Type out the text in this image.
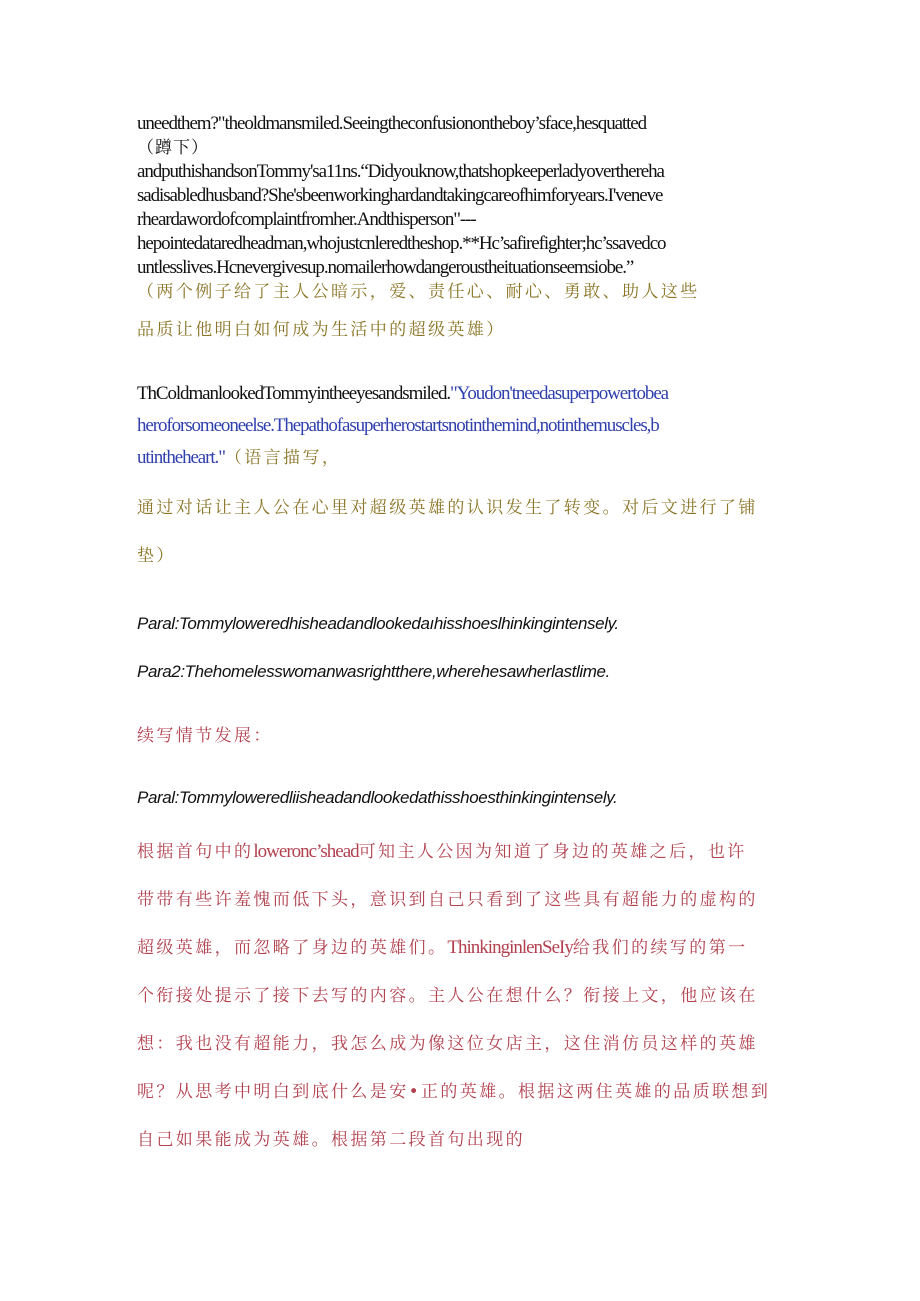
uneedthem?"theoldmansmiled.Seeingtheconfusionontheboy’sface,hesquatted

（蹲下）

andputhishandsonTommy'sa11ns.“Didyouknow,thatshopkeeperladyoverthereha

sadisabledhusband?She'sbeenworkinghardandtakingcareofhimforyears.I'veneve

rheardawordofcomplaintfromher.Andthisperson"---

hepointedataredheadman,whojustcnleredtheshop.**Hc’safirefighter;hc’ssavedco

untlesslives.Hcnevergivesup.nomailerhowdangeroustheituationseemsiobe.”

（两个例子给了主人公暗示，爱、责任心、耐心、勇敢、助人这些

品质让他明白如何成为生活中的超级英雄）

ThColdmanlookedTommyintheeyesandsmiled."Youdon'tneedasuperpowertobea

heroforsomeoneelse.Thepathofasuperherostartsnotinthemind,notinthemuscles,b

utintheheart."（语言描写，

通过对话让主人公在心里对超级英雄的认识发生了转变。对后文进行了铺

垫）

Paral:Tommyloweredhisheadandlookedaıhisshoeslhinkingintensely.

Para2:Thehomelesswomanwasrightthere,wherehesawherlastlime.

续写情节发展：

Paral:Tommyloweredliisheadandlookedathisshoesthinkingintensely.

根据首句中的loweronc’shead可知主人公因为知道了身边的英雄之后，也许

带带有些许羞愧而低下头，意识到自己只看到了这些具有超能力的虚构的

超级英雄，而忽略了身边的英雄们。ThinkinginlenSeIy给我们的续写的第一

个衔接处提示了接下去写的内容。主人公在想什么？衔接上文，他应该在

想：我也没有超能力，我怎么成为像这位女店主，这住消仿员这样的英雄

呢？从思考中明白到底什么是安•正的英雄。根据这两住英雄的品质联想到

自己如果能成为英雄。根据第二段首句出现的
